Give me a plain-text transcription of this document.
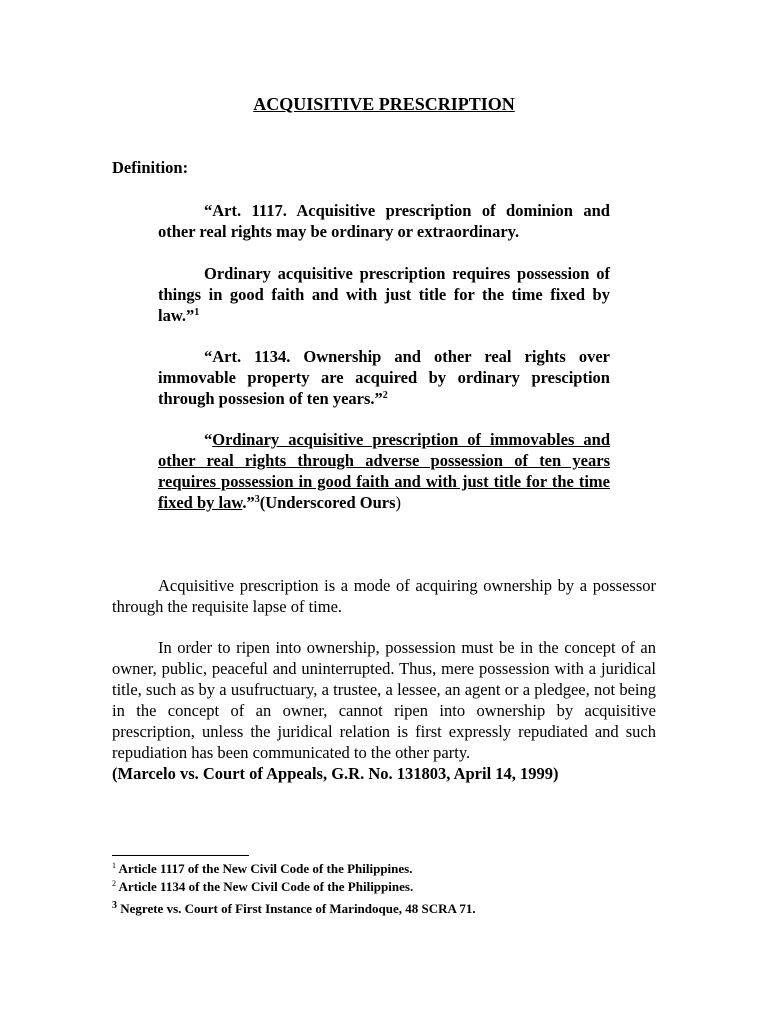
ACQUISITIVE PRESCRIPTION
Definition:
“Art. 1117. Acquisitive prescription of dominion and other real rights may be ordinary or extraordinary.
Ordinary acquisitive prescription requires possession of things in good faith and with just title for the time fixed by law.”$^1$
“Art. 1134. Ownership and other real rights over immovable property are acquired by ordinary presciption through possesion of ten years.”$^2$
“Ordinary acquisitive prescription of immovables and other real rights through adverse possession of ten years requires possession in good faith and with just title for the time fixed by law.”$^3$(Underscored Ours)
Acquisitive prescription is a mode of acquiring ownership by a possessor through the requisite lapse of time.
In order to ripen into ownership, possession must be in the concept of an owner, public, peaceful and uninterrupted. Thus, mere possession with a juridical title, such as by a usufructuary, a trustee, a lessee, an agent or a pledgee, not being in the concept of an owner, cannot ripen into ownership by acquisitive prescription, unless the juridical relation is first expressly repudiated and such repudiation has been communicated to the other party.
(Marcelo vs. Court of Appeals, G.R. No. 131803, April 14, 1999)
$^1$ Article 1117 of the New Civil Code of the Philippines.
$^2$ Article 1134 of the New Civil Code of the Philippines.
$^3$ Negrete vs. Court of First Instance of Marindoque, 48 SCRA 71.
